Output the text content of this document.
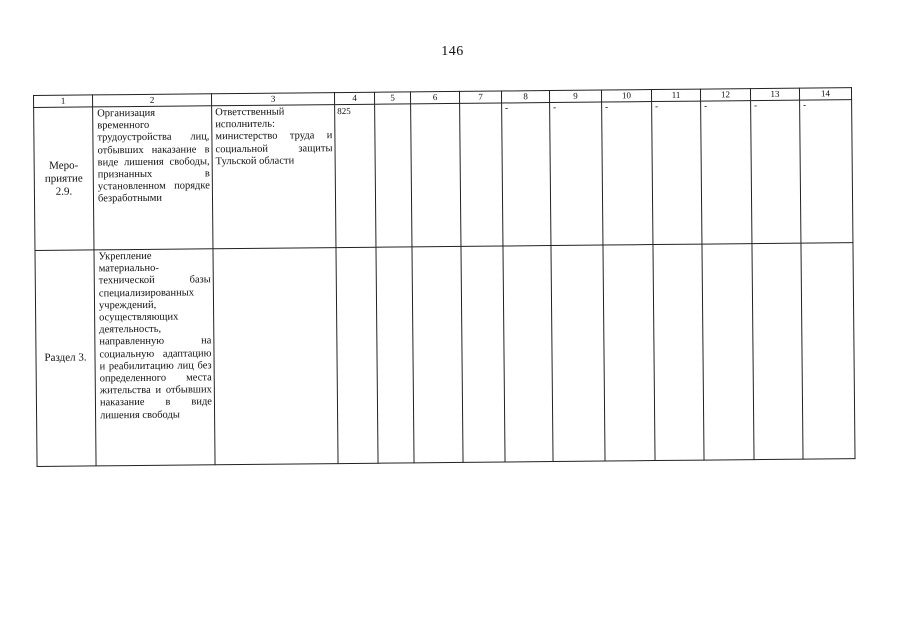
146
1	2	3	4	5	6	7	8	9	10	11	12	13	14
Меро-
приятие
2.9.	Организация временного трудоустройства лиц, отбывших наказание в виде лишения свободы, признанных в установленном порядке безработными	Ответственный исполнитель: министерство труда и социальной защиты Тульской области	825				-	-	-	-	-	-	-
Раздел 3.	Укрепление материально-технической базы специализированных учреждений, осуществляющих деятельность, направленную на социальную адаптацию и реабилитацию лиц без определенного места жительства и отбывших наказание в виде лишения свободы												
